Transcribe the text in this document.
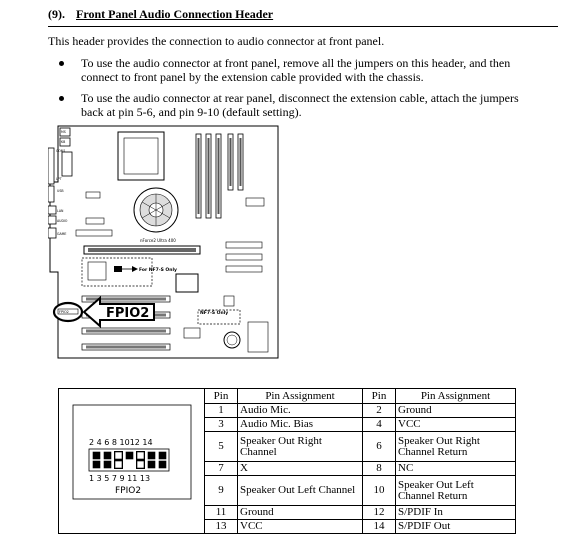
(9). Front Panel Audio Connection Header
This header provides the connection to audio connector at front panel.
To use the audio connector at front panel, remove all the jumpers on this header, and then connect to front panel by the extension cable provided with the chassis.
To use the audio connector at rear panel, disconnect the extension cable, attach the jumpers back at pin 5-6, and pin 9-10 (default setting).
MS
KB
COM1
LPT
USB
LAN
AUDIO
GAME
nForce2 Ultra 400
For NF7-S Only
NF7-S Only
FPIO2	FPIO2
2 4 6 8 1012 14
1 3 5 7 9 11 13
FPIO2	Pin	Pin Assignment	Pin	Pin Assignment
	1	Audio Mic.	2	Ground
	3	Audio Mic. Bias	4	VCC
	5	Speaker Out Right Channel	6	Speaker Out Right Channel Return
	7	X	8	NC
	9	Speaker Out Left Channel	10	Speaker Out Left Channel Return
	11	Ground	12	S/PDIF In
	13	VCC	14	S/PDIF Out
